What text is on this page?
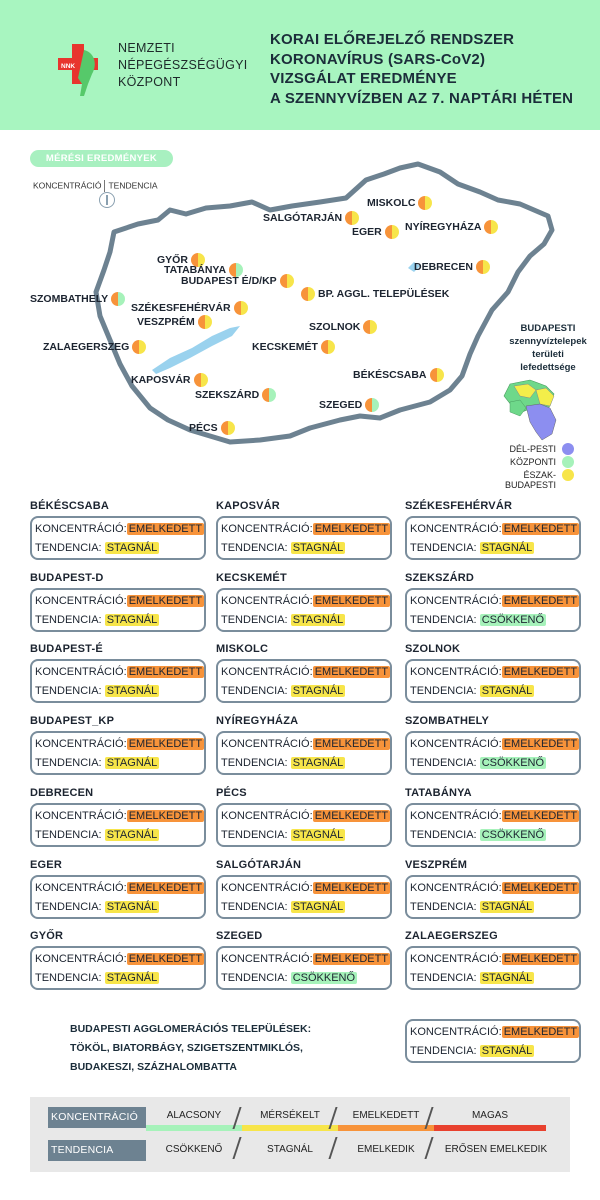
NNK
NEMZETI
NÉPEGÉSZSÉGÜGYI
KÖZPONT
KORAI ELŐREJELZŐ RENDSZER
KORONAVÍRUS (SARS-CoV2)
VIZSGÁLAT EREDMÉNYE
A SZENNYVÍZBEN AZ 7. NAPTÁRI HÉTEN
MÉRÉSI EREDMÉNYEK
KONCENTRÁCIÓ TENDENCIA
MISKOLC
SALGÓTARJÁN
EGER NYÍREGYHÁZA
GYŐR
TATABÁNYA
BUDAPEST É/D/KP
BP. AGGL. TELEPÜLÉSEK
DEBRECEN
SZOMBATHELY
SZÉKESFEHÉRVÁR
VESZPRÉM	SZOLNOK
ZALAEGERSZEG	KECSKEMÉT
BÉKÉSCSABA
KAPOSVÁR
SZEKSZÁRD
SZEGED
PÉCS
BUDAPESTI szennyvíztelepek területi lefedettsége
DÉL-PESTI
KÖZPONTI
ÉSZAK-BUDAPESTI
BÉKÉSCSABA
KONCENTRÁCIÓ: EMELKEDETT
TENDENCIA: STAGNÁL
KAPOSVÁR
KONCENTRÁCIÓ: EMELKEDETT
TENDENCIA: STAGNÁL
SZÉKESFEHÉRVÁR
KONCENTRÁCIÓ: EMELKEDETT
TENDENCIA: STAGNÁL
BUDAPEST-D
KONCENTRÁCIÓ: EMELKEDETT
TENDENCIA: STAGNÁL
KECSKEMÉT
KONCENTRÁCIÓ: EMELKEDETT
TENDENCIA: STAGNÁL
SZEKSZÁRD
KONCENTRÁCIÓ: EMELKEDETT
TENDENCIA: CSÖKKENŐ
BUDAPEST-É
KONCENTRÁCIÓ: EMELKEDETT
TENDENCIA: STAGNÁL
MISKOLC
KONCENTRÁCIÓ: EMELKEDETT
TENDENCIA: STAGNÁL
SZOLNOK
KONCENTRÁCIÓ: EMELKEDETT
TENDENCIA: STAGNÁL
BUDAPEST_KP
KONCENTRÁCIÓ: EMELKEDETT
TENDENCIA: STAGNÁL
NYÍREGYHÁZA
KONCENTRÁCIÓ: EMELKEDETT
TENDENCIA: STAGNÁL
SZOMBATHELY
KONCENTRÁCIÓ: EMELKEDETT
TENDENCIA: CSÖKKENŐ
DEBRECEN
KONCENTRÁCIÓ: EMELKEDETT
TENDENCIA: STAGNÁL
PÉCS
KONCENTRÁCIÓ: EMELKEDETT
TENDENCIA: STAGNÁL
TATABÁNYA
KONCENTRÁCIÓ: EMELKEDETT
TENDENCIA: CSÖKKENŐ
EGER
KONCENTRÁCIÓ: EMELKEDETT
TENDENCIA: STAGNÁL
SALGÓTARJÁN
KONCENTRÁCIÓ: EMELKEDETT
TENDENCIA: STAGNÁL
VESZPRÉM
KONCENTRÁCIÓ: EMELKEDETT
TENDENCIA: STAGNÁL
GYŐR
KONCENTRÁCIÓ: EMELKEDETT
TENDENCIA: STAGNÁL
SZEGED
KONCENTRÁCIÓ: EMELKEDETT
TENDENCIA: CSÖKKENŐ
ZALAEGERSZEG
KONCENTRÁCIÓ: EMELKEDETT
TENDENCIA: STAGNÁL
BUDAPESTI AGGLOMERÁCIÓS TELEPÜLÉSEK:
TÖKÖL, BIATORBÁGY, SZIGETSZENTMIKLÓS,
BUDAKESZI, SZÁZHALOMBATTA
KONCENTRÁCIÓ: EMELKEDETT
TENDENCIA: STAGNÁL
KONCENTRÁCIÓ
TENDENCIA
ALACSONY	MÉRSÉKELT	EMELKEDETT	MAGAS
CSÖKKENŐ	STAGNÁL	EMELKEDIK	ERŐSEN EMELKEDIK
